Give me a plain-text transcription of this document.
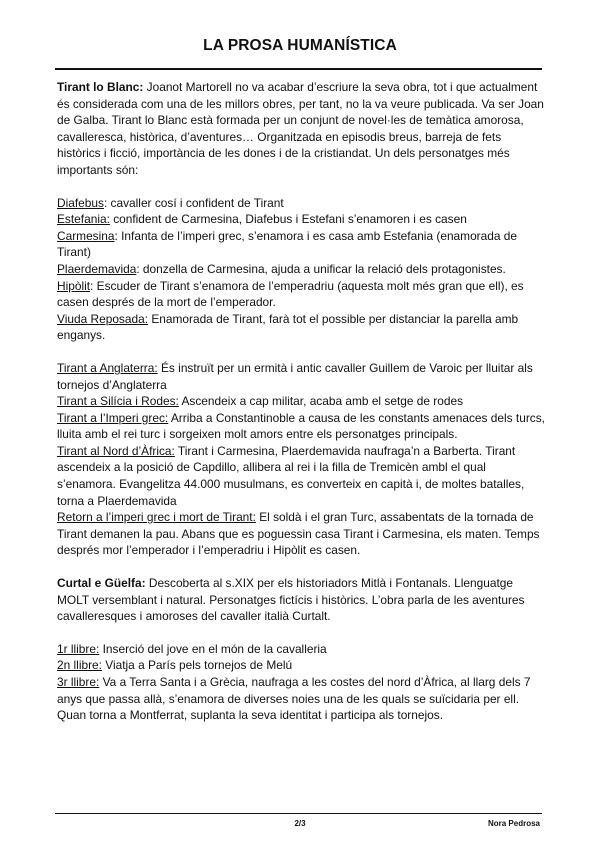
LA PROSA HUMANÍSTICA

Tirant lo Blanc: Joanot Martorell no va acabar d’escriure la seva obra, tot i que actualment és considerada com una de les millors obres, per tant, no la va veure publicada. Va ser Joan de Galba. Tirant lo Blanc està formada per un conjunt de novel·les de temàtica amorosa, cavalleresca, històrica, d’aventures… Organitzada en episodis breus, barreja de fets històrics i ficció, importància de les dones i de la cristiandat. Un dels personatges més importants són:

Diafebus: cavaller cosí i confident de Tirant

Estefania: confident de Carmesina, Diafebus i Estefani s’enamoren i es casen

Carmesina: Infanta de l’imperi grec, s’enamora i es casa amb Estefania (enamorada de Tirant)

Plaerdemavida: donzella de Carmesina, ajuda a unificar la relació dels protagonistes.

Hipòlit: Escuder de Tirant s’enamora de l’emperadriu (aquesta molt més gran que ell), es casen després de la mort de l’emperador.

Viuda Reposada: Enamorada de Tirant, farà tot el possible per distanciar la parella amb enganys.

Tirant a Anglaterra: És instruït per un ermità i antic cavaller Guillem de Varoic per lluitar als tornejos d’Anglaterra

Tirant a Silícia i Rodes: Ascendeix a cap militar, acaba amb el setge de rodes

Tirant a l’Imperi grec: Arriba a Constantinoble a causa de les constants amenaces dels turcs, lluita amb el rei turc i sorgeixen molt amors entre els personatges principals.

Tirant al Nord d’Àfrica: Tirant i Carmesina, Plaerdemavida naufraga’n a Barberta. Tirant ascendeix a la posició de Capdillo, allibera al rei i la filla de Tremicèn ambl el qual s’enamora. Evangelitza 44.000 musulmans, es converteix en capità i, de moltes batalles, torna a Plaerdemavida

Retorn a l’imperi grec i mort de Tirant: El soldà i el gran Turc, assabentats de la tornada de Tirant demanen la pau. Abans que es poguessin casa Tirant i Carmesina, els maten. Temps després mor l’emperador i l’emperadriu i Hipòlit es casen.

Curtal e Güelfa: Descoberta al s.XIX per els historiadors Mitlà i Fontanals. Llenguatge MOLT versemblant i natural. Personatges fictícis i històrics. L’obra parla de les aventures cavalleresques i amoroses del cavaller italià Curtalt.

1r llibre: Inserció del jove en el món de la cavalleria

2n llibre: Viatja a París pels tornejos de Melú

3r llibre: Va a Terra Santa i a Grècia, naufraga a les costes del nord d’Àfrica, al llarg dels 7 anys que passa allà, s’enamora de diverses noies una de les quals se suïcidaria per ell. Quan torna a Montferrat, suplanta la seva identitat i participa als tornejos.

2/3	Nora Pedrosa
